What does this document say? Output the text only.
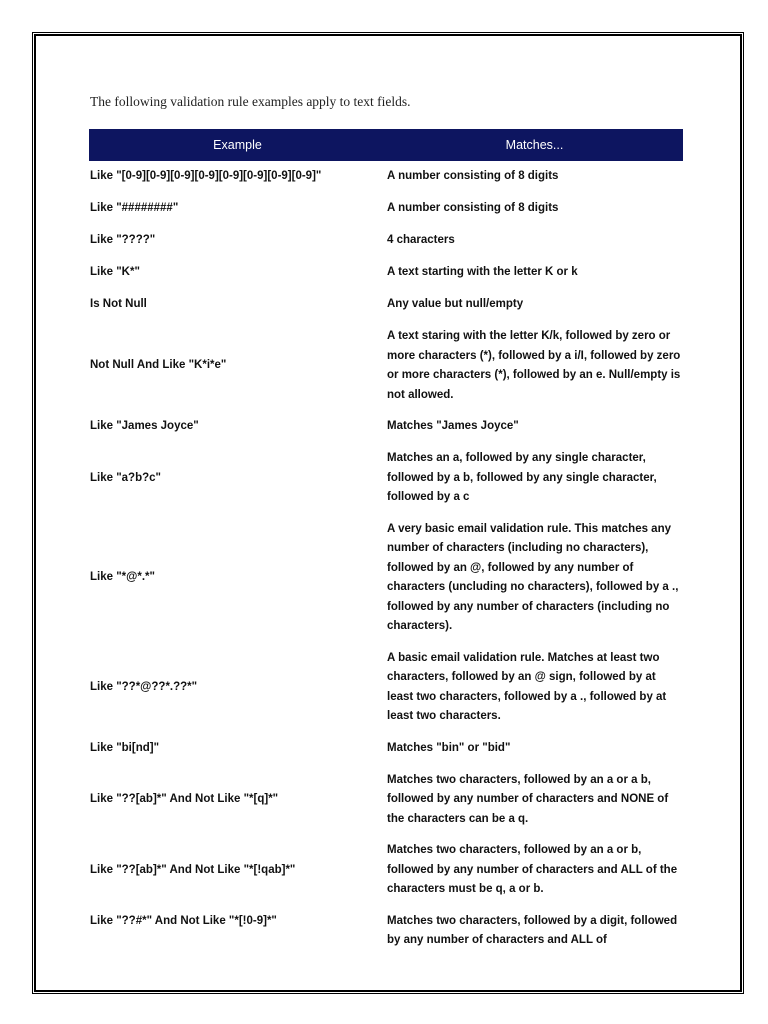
The following validation rule examples apply to text fields.
Example	Matches...
Like "[0-9][0-9][0-9][0-9][0-9][0-9][0-9][0-9]"	A number consisting of 8 digits
Like "########"	A number consisting of 8 digits
Like "????"	4 characters
Like "K*"	A text starting with the letter K or k
Is Not Null	Any value but null/empty
Not Null And Like "K*i*e"	A text staring with the letter K/k, followed by zero or more characters (*), followed by a i/I, followed by zero or more characters (*), followed by an e. Null/empty is not allowed.

Like "James Joyce"	Matches "James Joyce"
Like "a?b?c"	Matches an a, followed by any single character, followed by a b, followed by any single character, followed by a c

Like "*@*.*"	A very basic email validation rule. This matches any number of characters (including no characters), followed by an @, followed by any number of characters (uncluding no characters), followed by a ., followed by any number of characters (including no characters).

Like "??*@??*.??*"	A basic email validation rule. Matches at least two characters, followed by an @ sign, followed by at least two characters, followed by a ., followed by at least two characters.

Like "bi[nd]"	Matches "bin" or "bid"
Like "??[ab]*" And Not Like "*[q]*"	Matches two characters, followed by an a or a b, followed by any number of characters and NONE of the characters can be a q.

Like "??[ab]*" And Not Like "*[!qab]*"	Matches two characters, followed by an a or b, followed by any number of characters and ALL of the characters must be q, a or b.

Like "??#*" And Not Like "*[!0-9]*"	Matches two characters, followed by a digit, followed by any number of characters and ALL of
